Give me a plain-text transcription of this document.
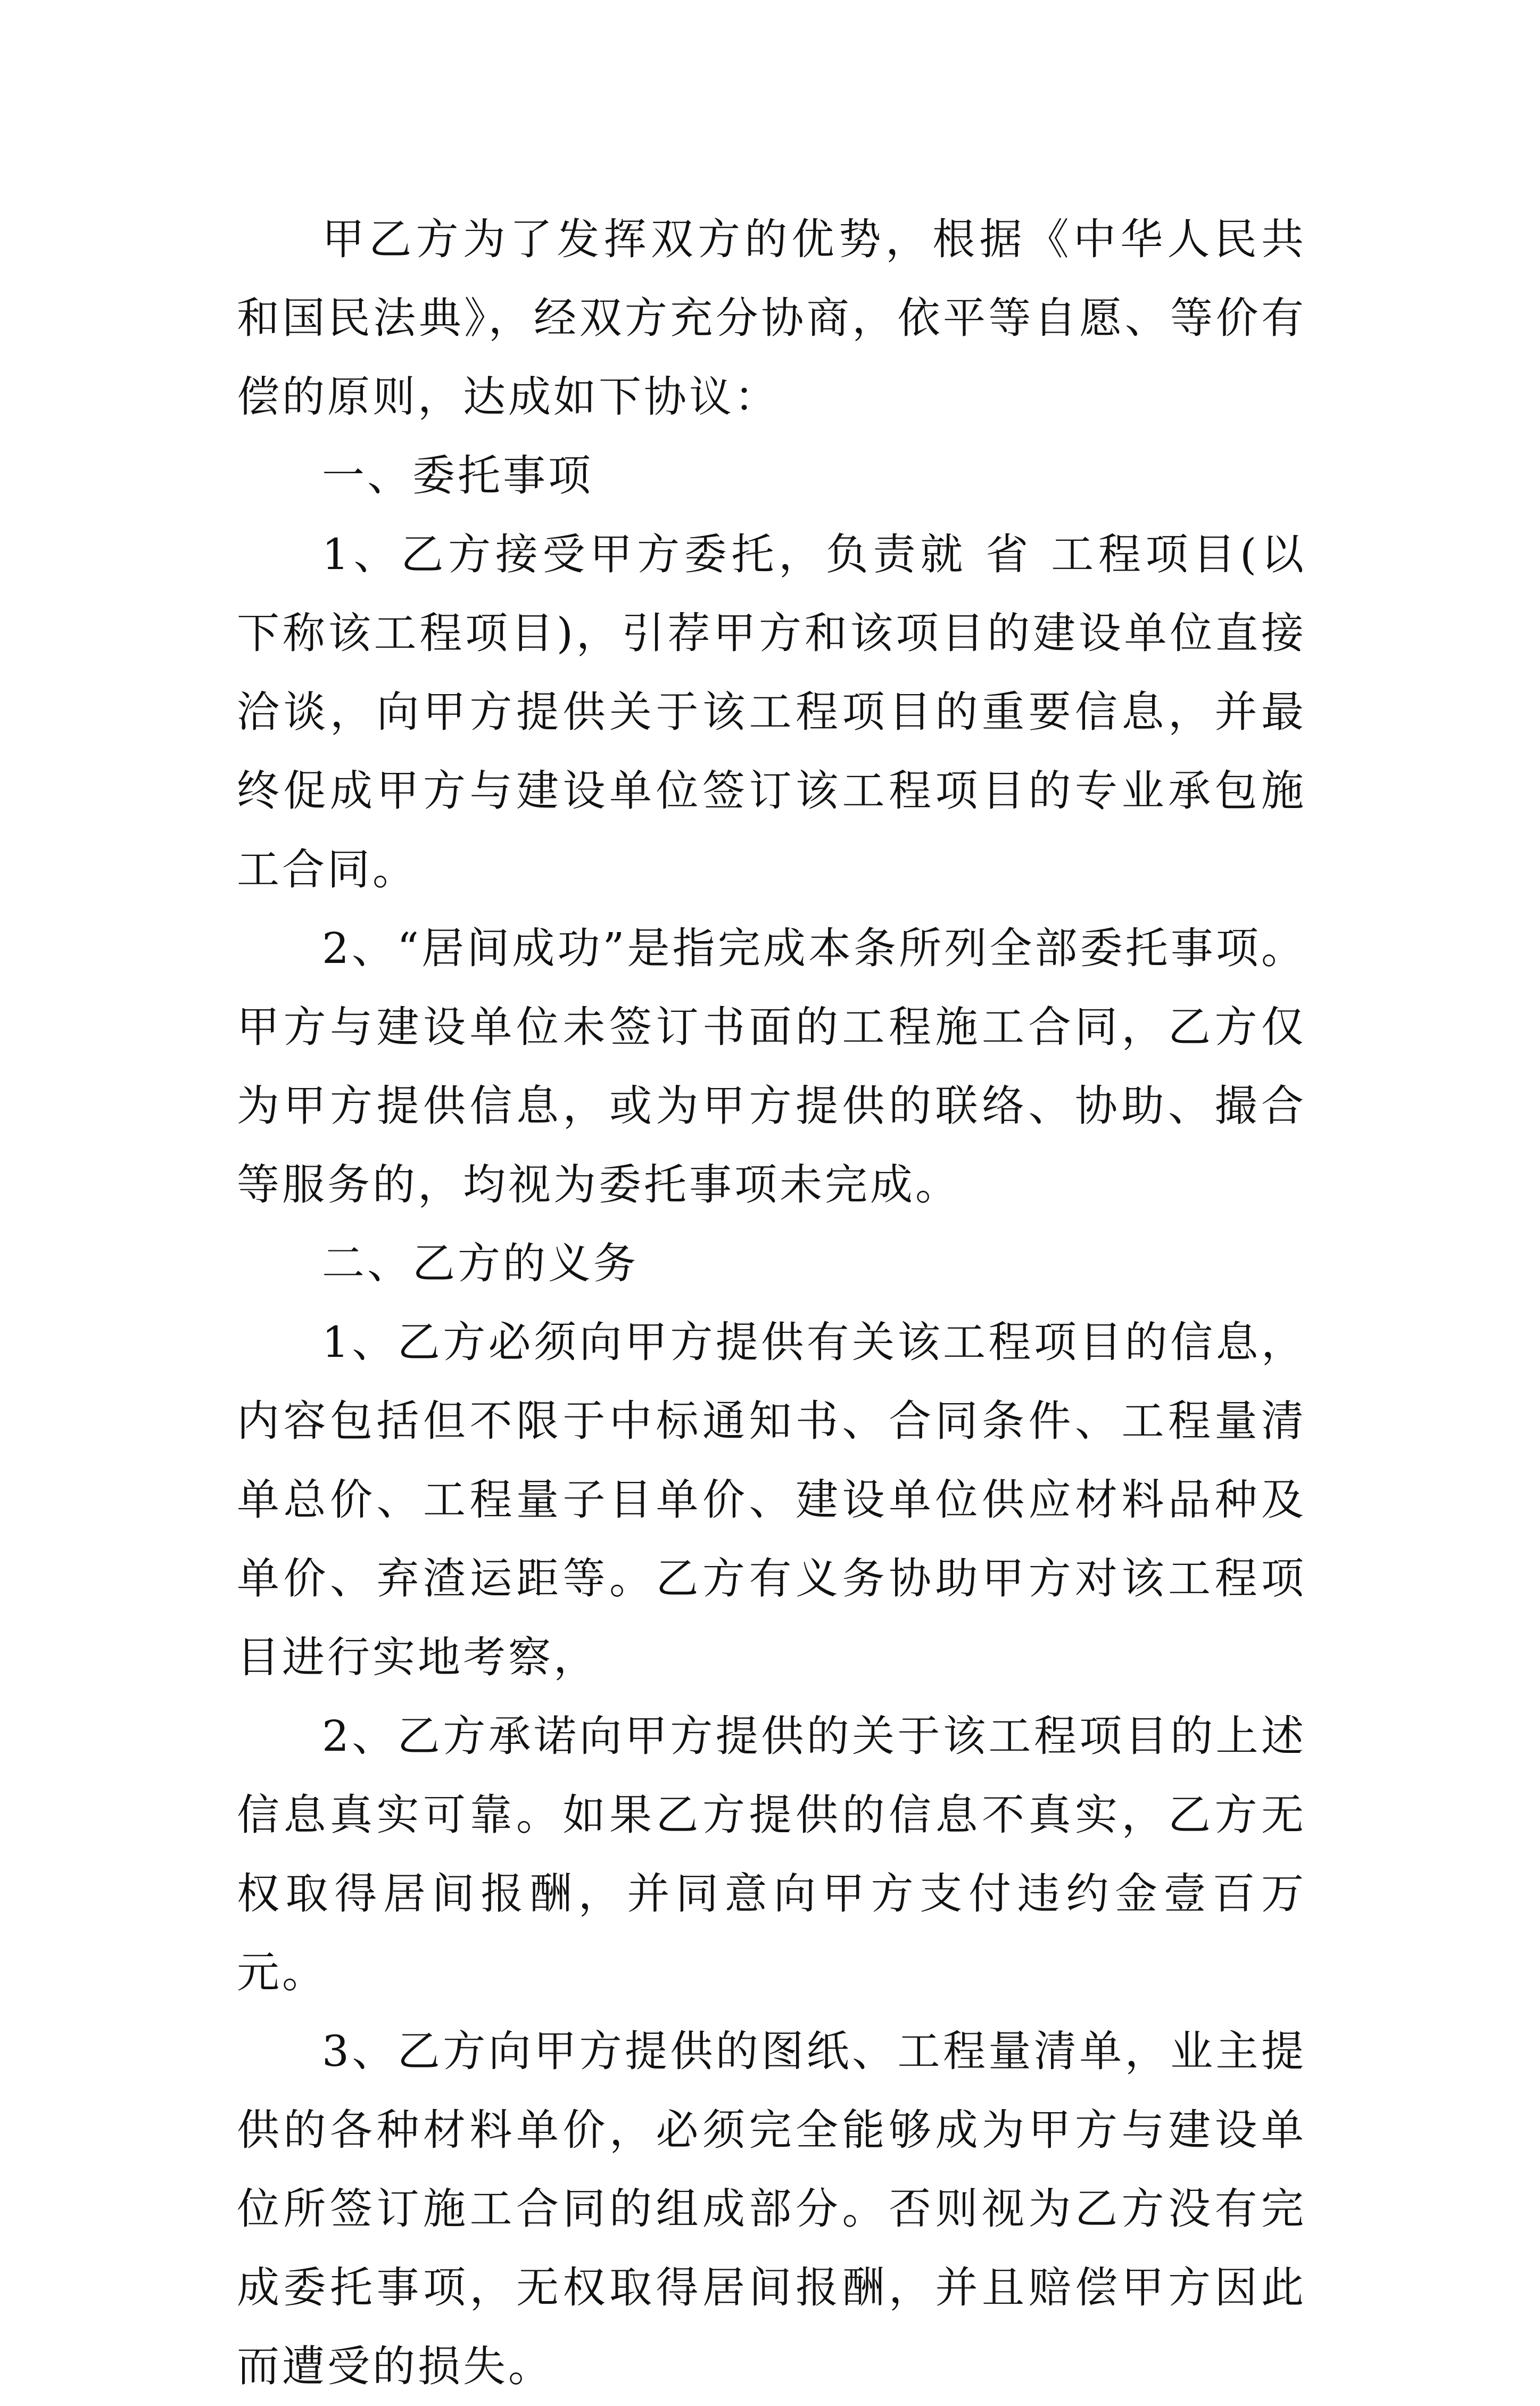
甲乙方为了发挥双方的优势，根据《中华人民共和国民法典》，经双方充分协商，依平等自愿、等价有偿的原则，达成如下协议：

一、委托事项

1、乙方接受甲方委托，负责就 省 工程项目(以下称该工程项目)，引荐甲方和该项目的建设单位直接洽谈，向甲方提供关于该工程项目的重要信息，并最终促成甲方与建设单位签订该工程项目的专业承包施工合同。

2、“居间成功”是指完成本条所列全部委托事项。甲方与建设单位未签订书面的工程施工合同，乙方仅为甲方提供信息，或为甲方提供的联络、协助、撮合等服务的，均视为委托事项未完成。

二、乙方的义务

1、乙方必须向甲方提供有关该工程项目的信息，内容包括但不限于中标通知书、合同条件、工程量清单总价、工程量子目单价、建设单位供应材料品种及单价、弃渣运距等。乙方有义务协助甲方对该工程项目进行实地考察，

2、乙方承诺向甲方提供的关于该工程项目的上述信息真实可靠。如果乙方提供的信息不真实，乙方无权取得居间报酬，并同意向甲方支付违约金壹百万元。

3、乙方向甲方提供的图纸、工程量清单，业主提供的各种材料单价，必须完全能够成为甲方与建设单位所签订施工合同的组成部分。否则视为乙方没有完成委托事项，无权取得居间报酬，并且赔偿甲方因此而遭受的损失。
